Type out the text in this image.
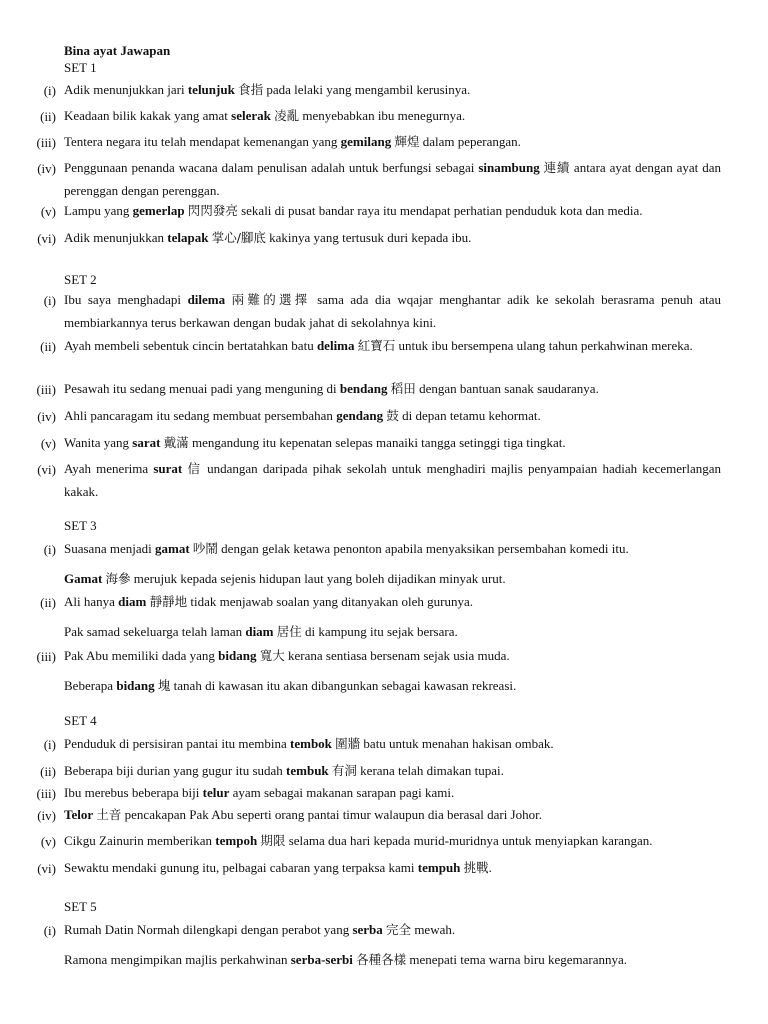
Bina ayat Jawapan
SET 1
(i) Adik menunjukkan jari telunjuk 食指 pada lelaki yang mengambil kerusinya.
(ii) Keadaan bilik kakak yang amat selerak 凌亂 menyebabkan ibu menegurnya.
(iii) Tentera negara itu telah mendapat kemenangan yang gemilang 輝煌 dalam peperangan.
(iv) Penggunaan penanda wacana dalam penulisan adalah untuk berfungsi sebagai sinambung 連續 antara ayat dengan ayat dan perenggan dengan perenggan.
(v) Lampu yang gemerlap 閃閃發亮 sekali di pusat bandar raya itu mendapat perhatian penduduk kota dan media.
(vi) Adik menunjukkan telapak 掌心/腳底 kakinya yang tertusuk duri kepada ibu.
SET 2
(i) Ibu saya menghadapi dilema 兩難的選擇 sama ada dia wqajar menghantar adik ke sekolah berasrama penuh atau membiarkannya terus berkawan dengan budak jahat di sekolahnya kini.
(ii) Ayah membeli sebentuk cincin bertatahkan batu delima 紅寶石 untuk ibu bersempena ulang tahun perkahwinan mereka.
(iii) Pesawah itu sedang menuai padi yang menguning di bendang 稻田 dengan bantuan sanak saudaranya.
(iv) Ahli pancaragam itu sedang membuat persembahan gendang 鼓 di depan tetamu kehormat.
(v) Wanita yang sarat 戴滿 mengandung itu kepenatan selepas manaiki tangga setinggi tiga tingkat.
(vi) Ayah menerima surat 信 undangan daripada pihak sekolah untuk menghadiri majlis penyampaian hadiah kecemerlangan kakak.
SET 3
(i) Suasana menjadi gamat 吵鬧 dengan gelak ketawa penonton apabila menyaksikan persembahan komedi itu.
Gamat 海參 merujuk kepada sejenis hidupan laut yang boleh dijadikan minyak urut.
(ii) Ali hanya diam 靜靜地 tidak menjawab soalan yang ditanyakan oleh gurunya.
Pak samad sekeluarga telah laman diam 居住 di kampung itu sejak bersara.
(iii) Pak Abu memiliki dada yang bidang 寬大 kerana sentiasa bersenam sejak usia muda.
Beberapa bidang 塊 tanah di kawasan itu akan dibangunkan sebagai kawasan rekreasi.
SET 4
(i) Penduduk di persisiran pantai itu membina tembok 圍牆 batu untuk menahan hakisan ombak.
(ii) Beberapa biji durian yang gugur itu sudah tembuk 有洞 kerana telah dimakan tupai.
(iii) Ibu merebus beberapa biji telur ayam sebagai makanan sarapan pagi kami.
(iv) Telor 土音 pencakapan Pak Abu seperti orang pantai timur walaupun dia berasal dari Johor.
(v) Cikgu Zainurin memberikan tempoh 期限 selama dua hari kepada murid-muridnya untuk menyiapkan karangan.
(vi) Sewaktu mendaki gunung itu, pelbagai cabaran yang terpaksa kami tempuh 挑戰.
SET 5
(i) Rumah Datin Normah dilengkapi dengan perabot yang serba 完全 mewah.
Ramona mengimpikan majlis perkahwinan serba-serbi 各種各樣 menepati tema warna biru kegemarannya.
